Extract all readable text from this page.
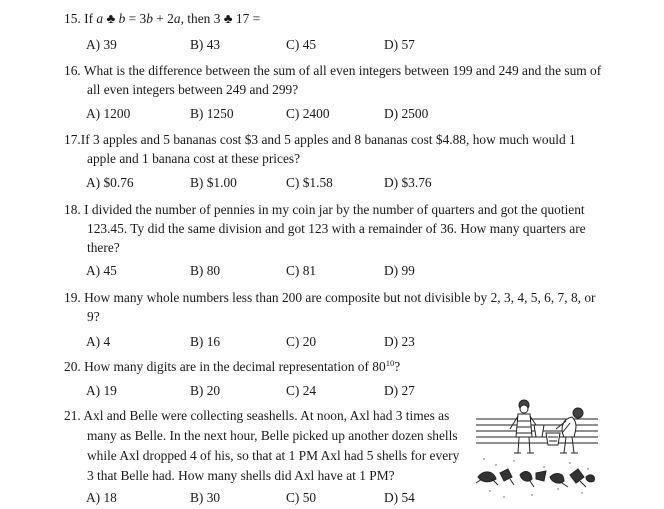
15. If a ♣ b = 3b + 2a, then 3 ♣ 17 =
A) 39	B) 43	C) 45	D) 57
16. What is the difference between the sum of all even integers between 199 and 249 and the sum of
all even integers between 249 and 299?
A) 1200	B) 1250	C) 2400	D) 2500
17.If 3 apples and 5 bananas cost $3 and 5 apples and 8 bananas cost $4.88, how much would 1
apple and 1 banana cost at these prices?
A) $0.76	B) $1.00	C) $1.58	D) $3.76
18. I divided the number of pennies in my coin jar by the number of quarters and got the quotient
123.45. Ty did the same division and got 123 with a remainder of 36. How many quarters are
there?
A) 45	B) 80	C) 81	D) 99
19. How many whole numbers less than 200 are composite but not divisible by 2, 3, 4, 5, 6, 7, 8, or
9?
A) 4	B) 16	C) 20	D) 23
20. How many digits are in the decimal representation of $80^{10}$?
A) 19	B) 20	C) 24	D) 27
21. Axl and Belle were collecting seashells. At noon, Axl had 3 times as
many as Belle. In the next hour, Belle picked up another dozen shells
while Axl dropped 4 of his, so that at 1 PM Axl had 5 shells for every
3 that Belle had. How many shells did Axl have at 1 PM?
A) 18	B) 30	C) 50	D) 54
